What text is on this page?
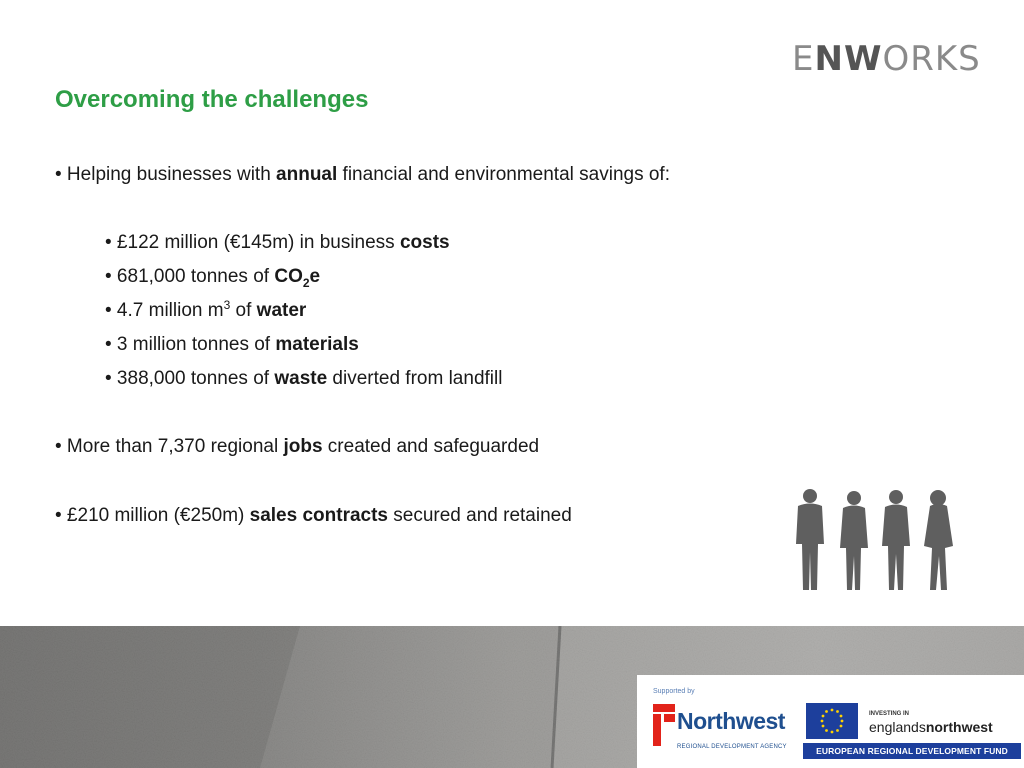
ENWORKS
Overcoming the challenges
• Helping businesses with annual financial and environmental savings of:
• £122 million (€145m) in business costs
• 681,000 tonnes of $CO_2e$
• 4.7 million $m^3$ of water
• 3 million tonnes of materials
• 388,000 tonnes of waste diverted from landfill
• More than 7,370 regional jobs created and safeguarded
• £210 million (€250m) sales contracts secured and retained
Supported by
Northwest
REGIONAL DEVELOPMENT AGENCY
INVESTING IN
englandsnorthwest
EUROPEAN REGIONAL DEVELOPMENT FUND
